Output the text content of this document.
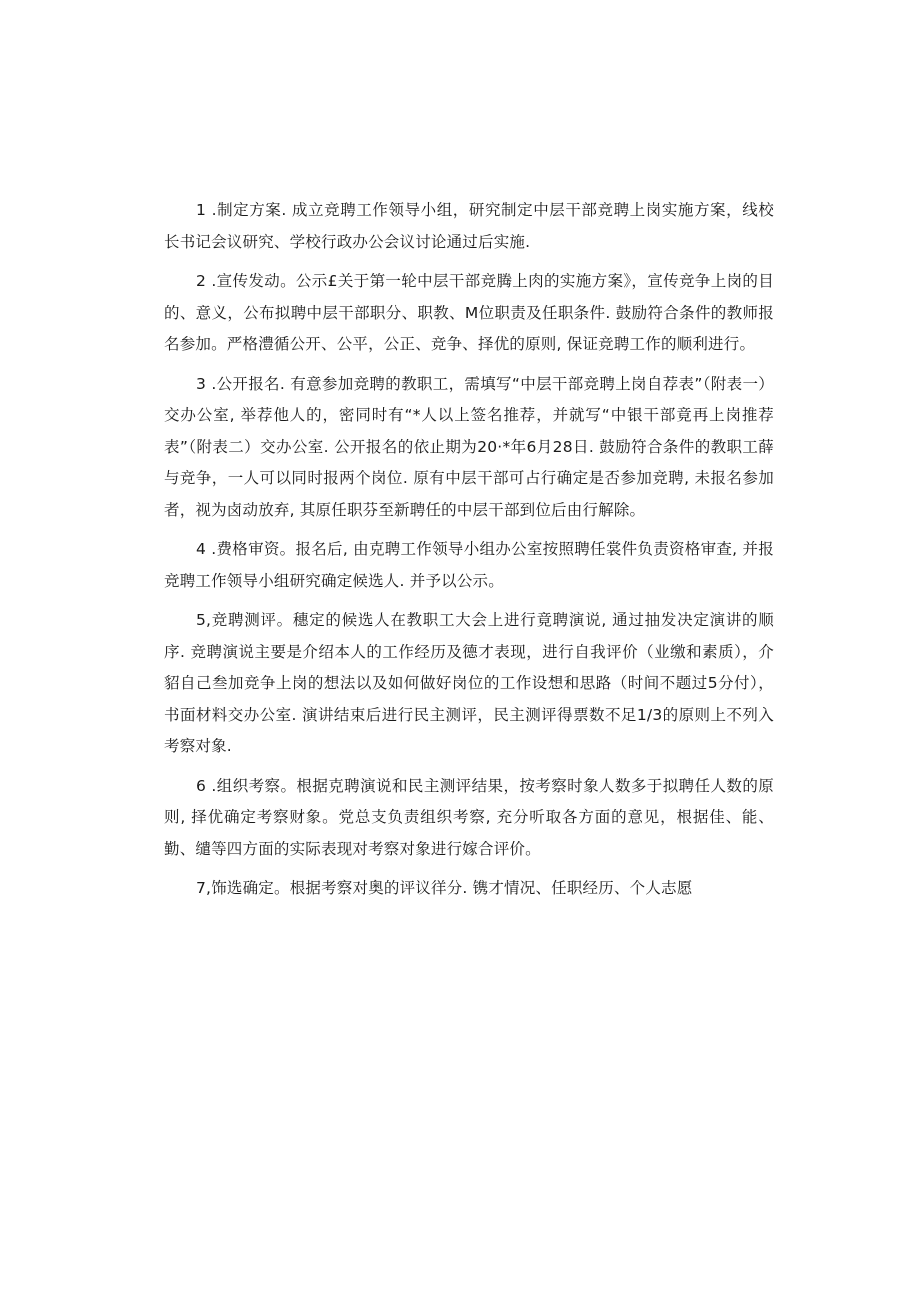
1 .制定方案. 成立竞聘工作领导小组，研究制定中层干部竞聘上岗实施方案，线校长书记会议研究、学校行政办公会议讨论通过后实施.

2 .宣传发动。公示£关于第一轮中层干部竞腾上肉的实施方案》，宣传竞争上岗的目的、意义，公布拟聘中层干部职分、职教、M位职责及任职条件. 鼓励符合条件的教师报名参加。严格澧循公开、公平，公正、竞争、择优的原则, 保证竞聘工作的顺利进行。

3 .公开报名. 有意参加竞聘的教职工，需填写“中层干部竞聘上岗自荐表”（附表一）交办公室, 举荐他人的，密同时有“*人以上签名推荐，并就写“中银干部竟再上岗推荐表”（附表二）交办公室. 公开报名的依止期为20·*年6月28日. 鼓励符合条件的教职工薛与竞争，一人可以同时报两个岗位. 原有中层干部可占行确定是否参加竞聘, 未报名参加者，视为卤动放弃, 其原任职芬至新聘任的中层干部到位后由行解除。

4 .费格审资。报名后, 由克聘工作领导小组办公室按照聘任裳件负责资格审查, 并报竞聘工作领导小组研究确定候选人. 并予以公示。

5,竞聘测评。穗定的候选人在教职工大会上进行竟聘演说, 通过抽发决定演讲的顺序. 竞聘演说主要是介绍本人的工作经历及德才表现，进行自我评价（业缴和素质），介貂自己叁加竞争上岗的想法以及如何做好岗位的工作设想和思路（时间不题过5分付），书面材料交办公室. 演讲结束后进行民主测评，民主测评得票数不足1/3的原则上不列入考察对象.

6 .组织考察。根据克聘演说和民主测评结果，按考察时象人数多于拟聘任人数的原则, 择优确定考察财象。党总支负责组织考察, 充分听取各方面的意见，根据佳、能、勤、缱等四方面的实际表现对考察对象进行嫁合评价。

7,饰选确定。根据考察对奥的评议徉分. 镌才情况、任职经历、个人志愿
